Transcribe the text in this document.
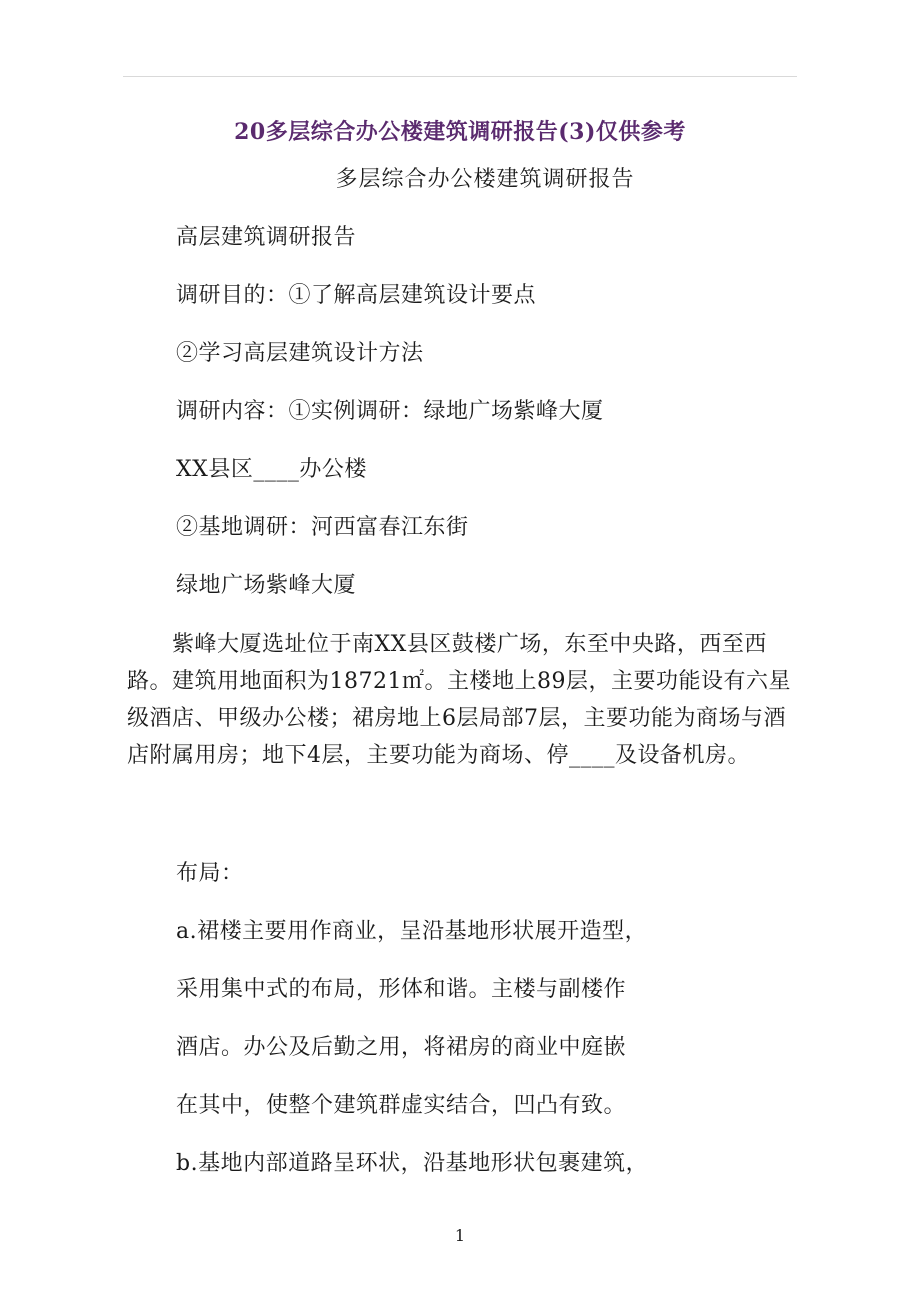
20多层综合办公楼建筑调研报告(3)仅供参考
多层综合办公楼建筑调研报告
高层建筑调研报告
调研目的：①了解高层建筑设计要点
②学习高层建筑设计方法
调研内容：①实例调研：绿地广场紫峰大厦
XX县区____办公楼
②基地调研：河西富春江东街
绿地广场紫峰大厦
　　紫峰大厦选址位于南XX县区鼓楼广场，东至中央路，西至西路。建筑用地面积为18721㎡。主楼地上89层，主要功能设有六星级酒店、甲级办公楼；裙房地上6层局部7层，主要功能为商场与酒店附属用房；地下4层，主要功能为商场、停____及设备机房。
布局：
a.裙楼主要用作商业，呈沿基地形状展开造型，
采用集中式的布局，形体和谐。主楼与副楼作
酒店。办公及后勤之用，将裙房的商业中庭嵌
在其中，使整个建筑群虚实结合，凹凸有致。
b.基地内部道路呈环状，沿基地形状包裹建筑，
1
